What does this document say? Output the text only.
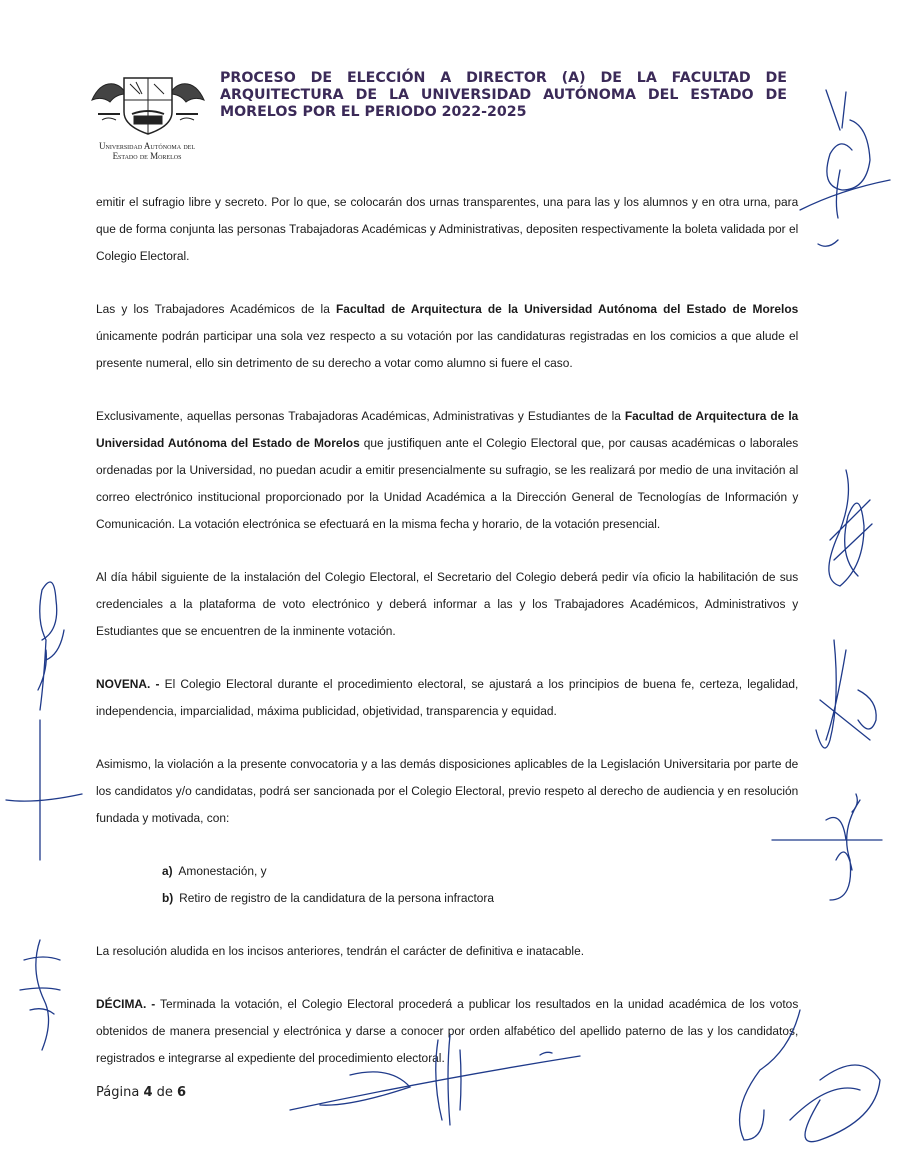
Universidad Autónoma del
Estado de Morelos
PROCESO DE ELECCIÓN A DIRECTOR (A) DE LA FACULTAD DE ARQUITECTURA DE LA UNIVERSIDAD AUTÓNOMA DEL ESTADO DE MORELOS POR EL PERIODO 2022-2025

emitir el sufragio libre y secreto. Por lo que, se colocarán dos urnas transparentes, una para las y los alumnos y en otra urna, para que de forma conjunta las personas Trabajadoras Académicas y Administrativas, depositen respectivamente la boleta validada por el Colegio Electoral.

Las y los Trabajadores Académicos de la Facultad de Arquitectura de la Universidad Autónoma del Estado de Morelos únicamente podrán participar una sola vez respecto a su votación por las candidaturas registradas en los comicios a que alude el presente numeral, ello sin detrimento de su derecho a votar como alumno si fuere el caso.

Exclusivamente, aquellas personas Trabajadoras Académicas, Administrativas y Estudiantes de la Facultad de Arquitectura de la Universidad Autónoma del Estado de Morelos que justifiquen ante el Colegio Electoral que, por causas académicas o laborales ordenadas por la Universidad, no puedan acudir a emitir presencialmente su sufragio, se les realizará por medio de una invitación al correo electrónico institucional proporcionado por la Unidad Académica a la Dirección General de Tecnologías de Información y Comunicación. La votación electrónica se efectuará en la misma fecha y horario, de la votación presencial.

Al día hábil siguiente de la instalación del Colegio Electoral, el Secretario del Colegio deberá pedir vía oficio la habilitación de sus credenciales a la plataforma de voto electrónico y deberá informar a las y los Trabajadores Académicos, Administrativos y Estudiantes que se encuentren de la inminente votación.

NOVENA. - El Colegio Electoral durante el procedimiento electoral, se ajustará a los principios de buena fe, certeza, legalidad, independencia, imparcialidad, máxima publicidad, objetividad, transparencia y equidad.

Asimismo, la violación a la presente convocatoria y a las demás disposiciones aplicables de la Legislación Universitaria por parte de los candidatos y/o candidatas, podrá ser sancionada por el Colegio Electoral, previo respeto al derecho de audiencia y en resolución fundada y motivada, con:

a) Amonestación, y
b) Retiro de registro de la candidatura de la persona infractora

La resolución aludida en los incisos anteriores, tendrán el carácter de definitiva e inatacable.

DÉCIMA. - Terminada la votación, el Colegio Electoral procederá a publicar los resultados en la unidad académica de los votos obtenidos de manera presencial y electrónica y darse a conocer por orden alfabético del apellido paterno de las y los candidatos, registrados e integrarse al expediente del procedimiento electoral.

Página 4 de 6
